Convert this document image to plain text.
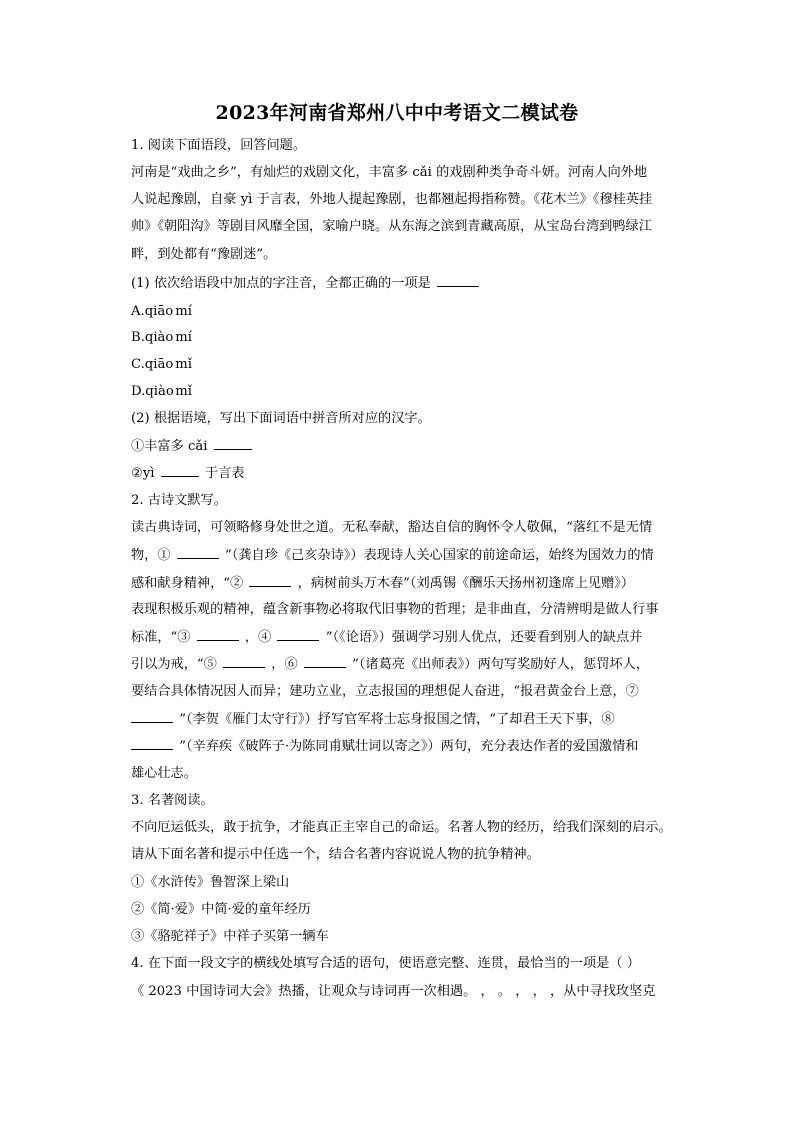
2023年河南省郑州八中中考语文二模试卷
1. 阅读下面语段，回答问题。
河南是“戏曲之乡”，有灿烂的戏剧文化，丰富多 cǎi 的戏剧种类争奇斗妍。河南人向外地
人说起豫剧，自豪 yì 于言表，外地人提起豫剧，也都翘起拇指称赞。《花木兰》《穆桂英挂
帅》《朝阳沟》等剧目风靡全国，家喻户晓。从东海之滨到青藏高原，从宝岛台湾到鸭绿江
畔，到处都有“豫剧迷”。
(1) 依次给语段中加点的字注音，全都正确的一项是
A.qiāo mí
B.qiào mí
C.qiāo mǐ
D.qiào mǐ
(2) 根据语境，写出下面词语中拼音所对应的汉字。
①丰富多 cǎi
②yì	于言表
2. 古诗文默写。
读古典诗词，可领略修身处世之道。无私奉献，豁达自信的胸怀令人敬佩，“落红不是无情
物，①	”（龚自珍《己亥杂诗》）表现诗人关心国家的前途命运，始终为国效力的情
感和献身精神，“②	，病树前头万木春”（刘禹锡《酬乐天扬州初逢席上见赠》）
表现积极乐观的精神，蕴含新事物必将取代旧事物的哲理；是非曲直，分清辨明是做人行事
标准，“③	，④	”（《论语》）强调学习别人优点，还要看到别人的缺点并
引以为戒，“⑤	，⑥	”（诸葛亮《出师表》）两句写奖励好人，惩罚坏人，
要结合具体情况因人而异；建功立业，立志报国的理想促人奋进，“报君黄金台上意，⑦
”（李贺《雁门太守行》）抒写官军将士忘身报国之情，“了却君王天下事，⑧
”（辛弃疾《破阵子·为陈同甫赋壮词以寄之》）两句，充分表达作者的爱国激情和
雄心壮志。
3. 名著阅读。
不向厄运低头，敢于抗争，才能真正主宰自己的命运。名著人物的经历，给我们深刻的启示。
请从下面名著和提示中任选一个，结合名著内容说说人物的抗争精神。
①《水浒传》鲁智深上梁山
②《简·爱》中简·爱的童年经历
③《骆驼祥子》中祥子买第一辆车
4. 在下面一段文字的横线处填写合适的语句，使语意完整、连贯，最恰当的一项是（ ）
《 2023 中国诗词大会》热播，让观众与诗词再一次相遇。 ， 。 ， ， ，从中寻找玫坚克
